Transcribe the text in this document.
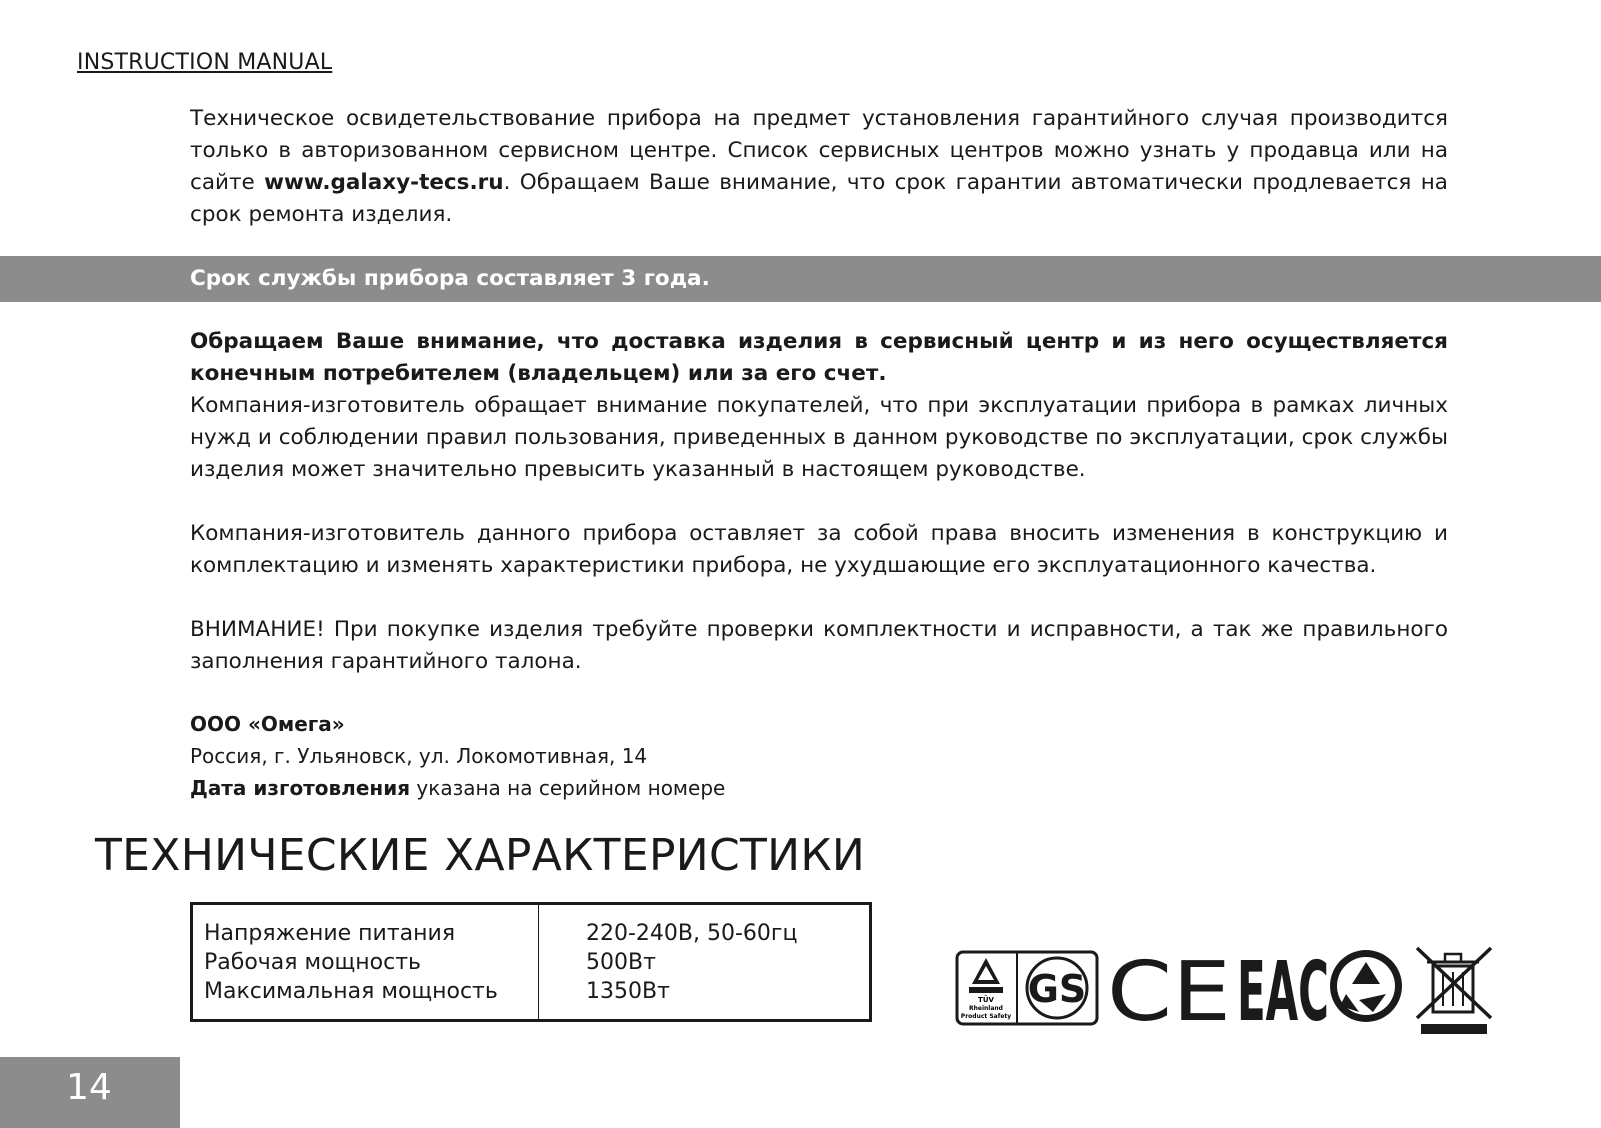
INSTRUCTION MANUAL

Техническое освидетельствование прибора на предмет установления гарантийного случая производится только в авторизованном сервисном центре. Список сервисных центров можно узнать у продавца или на сайте www.galaxy-tecs.ru. Обращаем Ваше внимание, что срок гарантии автоматически продлевается на срок ремонта изделия.

Срок службы прибора составляет 3 года.

Обращаем Ваше внимание, что доставка изделия в сервисный центр и из него осуществляется конечным потребителем (владельцем) или за его счет.
Компания-изготовитель обращает внимание покупателей, что при эксплуатации прибора в рамках личных нужд и соблюдении правил пользования, приведенных в данном руководстве по эксплуатации, срок службы изделия может значительно превысить указанный в настоящем руководстве.

Компания-изготовитель данного прибора оставляет за собой права вносить изменения в конструкцию и комплектацию и изменять характеристики прибора, не ухудшающие его эксплуатационного качества.

ВНИМАНИЕ! При покупке изделия требуйте проверки комплектности и исправности, а так же правильного заполнения гарантийного талона.

ООО «Омега»
Россия, г. Ульяновск, ул. Локомотивная, 14
Дата изготовления указана на серийном номере
ТЕХНИЧЕСКИЕ ХАРАКТЕРИСТИКИ
Напряжение питания
Рабочая мощность
Максимальная мощность
220-240В, 50-60гц
500Вт
1350Вт	TÜV
Rheinland
Product Safety
GS CE EAC
14
